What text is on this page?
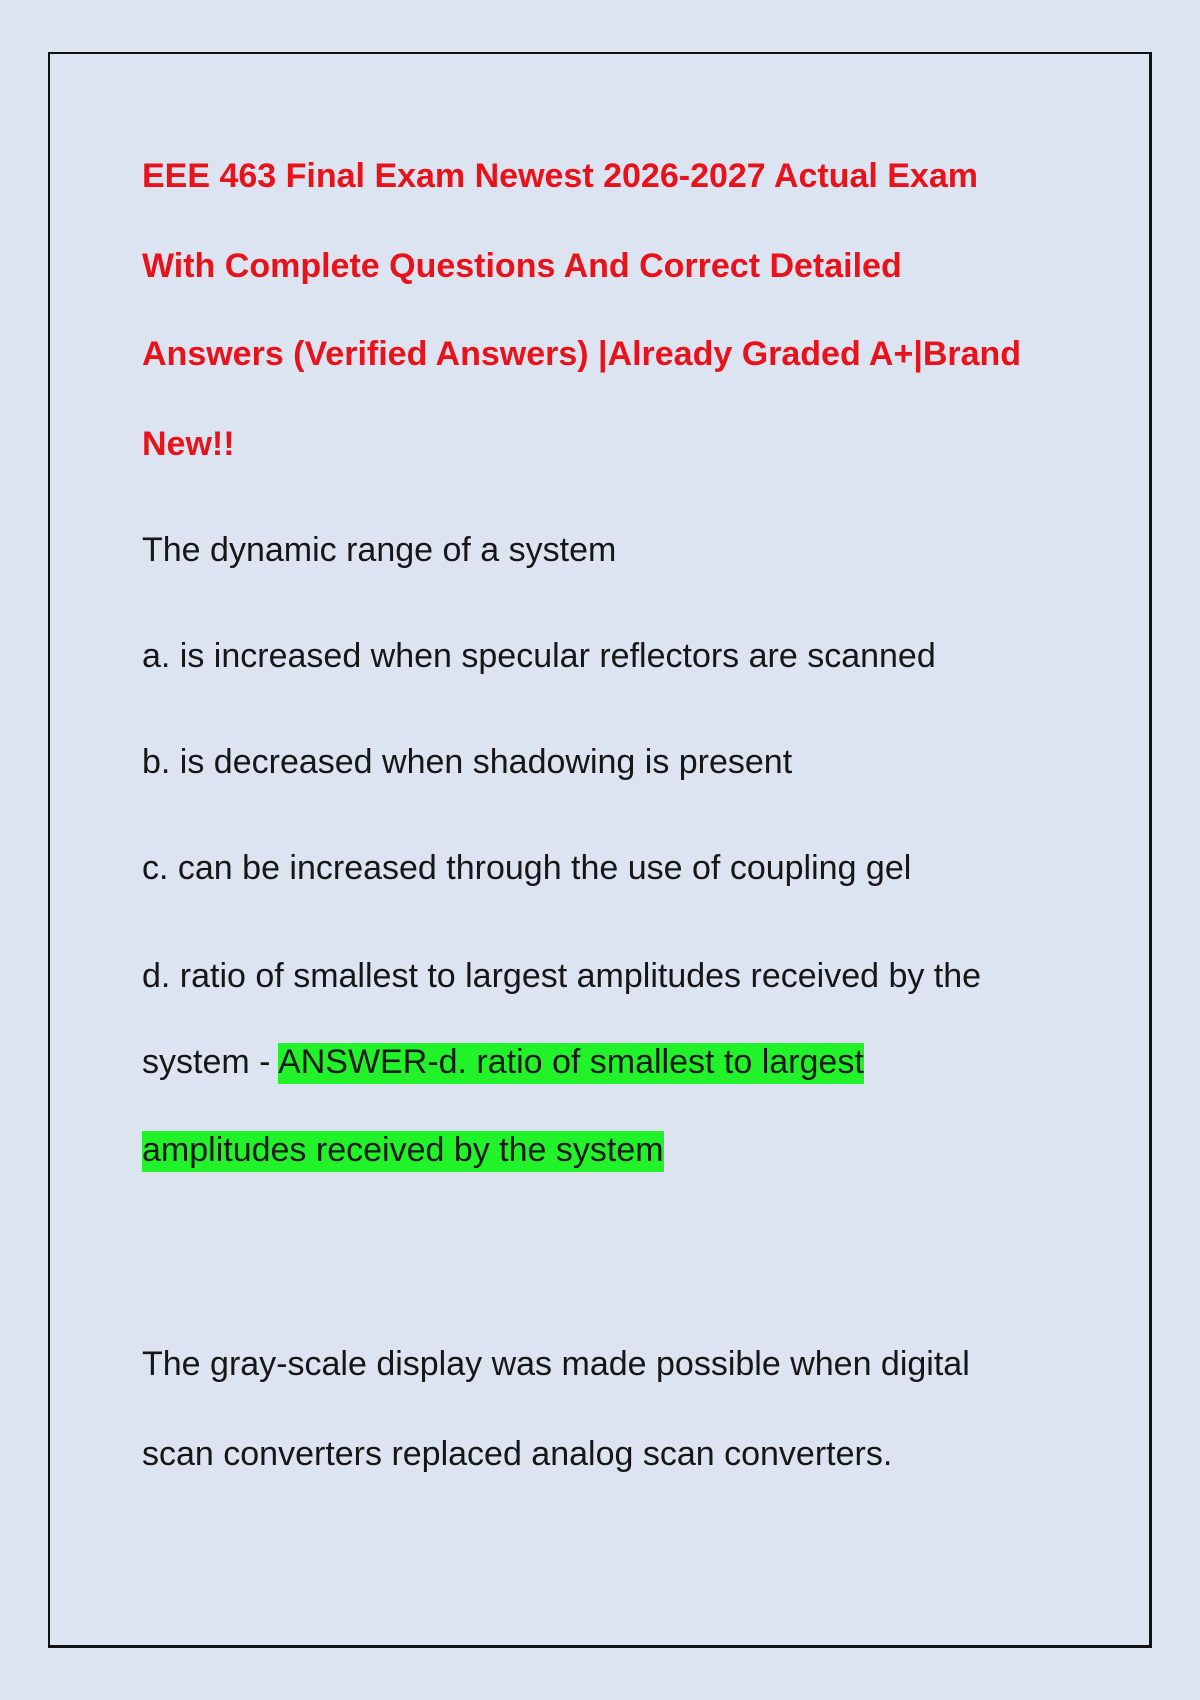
EEE 463 Final Exam Newest 2026-2027 Actual Exam
With Complete Questions And Correct Detailed
Answers (Verified Answers) |Already Graded A+|Brand
New!!
The dynamic range of a system
a. is increased when specular reflectors are scanned
b. is decreased when shadowing is present
c. can be increased through the use of coupling gel
d. ratio of smallest to largest amplitudes received by the
system - ANSWER-d. ratio of smallest to largest
amplitudes received by the system
The gray-scale display was made possible when digital
scan converters replaced analog scan converters.
